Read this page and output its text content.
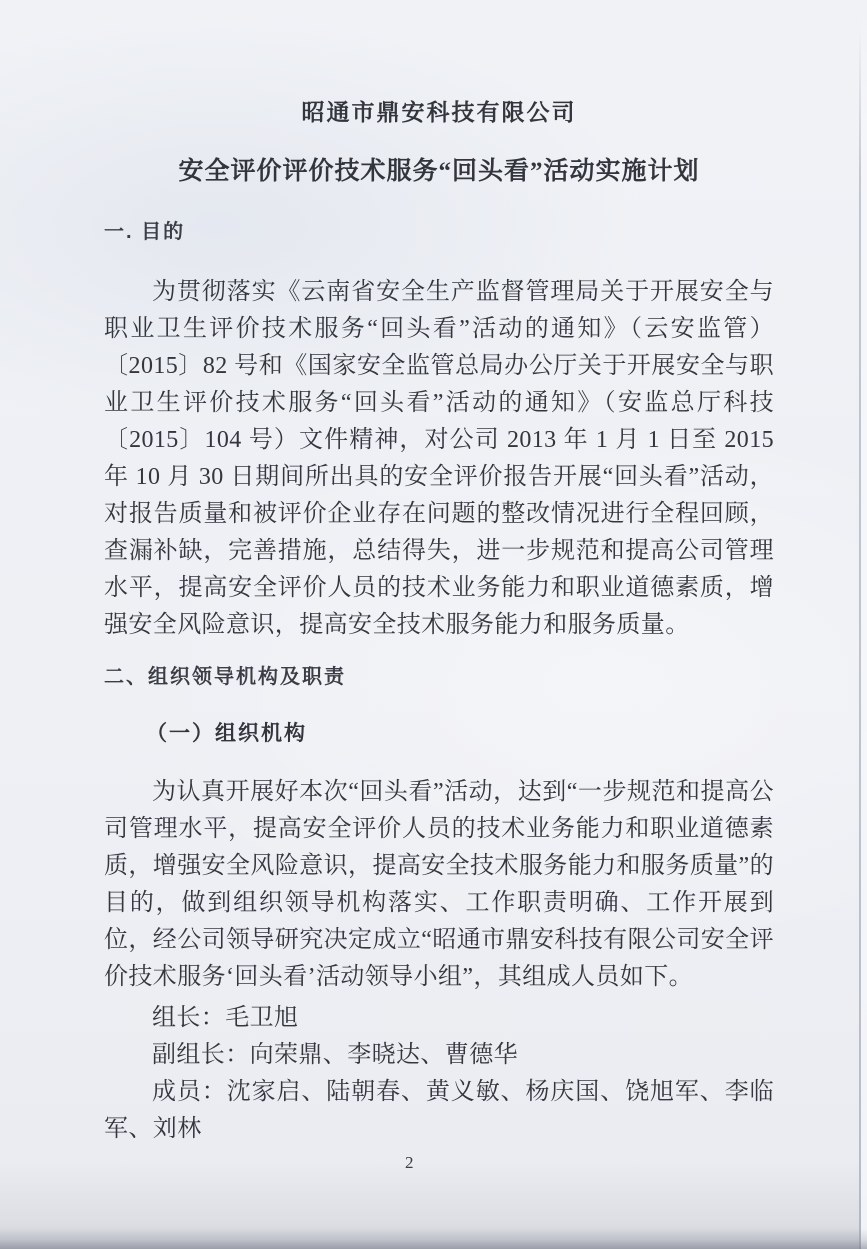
昭通市鼎安科技有限公司
安全评价评价技术服务“回头看”活动实施计划
一. 目的
为贯彻落实《云南省安全生产监督管理局关于开展安全与职业卫生评价技术服务“回头看”活动的通知》（云安监管）〔2015〕82 号和《国家安全监管总局办公厅关于开展安全与职业卫生评价技术服务“回头看”活动的通知》（安监总厅科技〔2015〕104 号）文件精神，对公司 2013 年 1 月 1 日至 2015 年 10 月 30 日期间所出具的安全评价报告开展“回头看”活动，对报告质量和被评价企业存在问题的整改情况进行全程回顾，查漏补缺，完善措施，总结得失，进一步规范和提高公司管理水平，提高安全评价人员的技术业务能力和职业道德素质，增强安全风险意识，提高安全技术服务能力和服务质量。
二、组织领导机构及职责
（一）组织机构
为认真开展好本次“回头看”活动，达到“一步规范和提高公司管理水平，提高安全评价人员的技术业务能力和职业道德素质，增强安全风险意识，提高安全技术服务能力和服务质量”的目的，做到组织领导机构落实、工作职责明确、工作开展到位，经公司领导研究决定成立“昭通市鼎安科技有限公司安全评价技术服务‘回头看’活动领导小组”，其组成人员如下。
组长：毛卫旭
副组长：向荣鼎、李晓达、曹德华
成员：沈家启、陆朝春、黄义敏、杨庆国、饶旭军、李临军、刘林
2
